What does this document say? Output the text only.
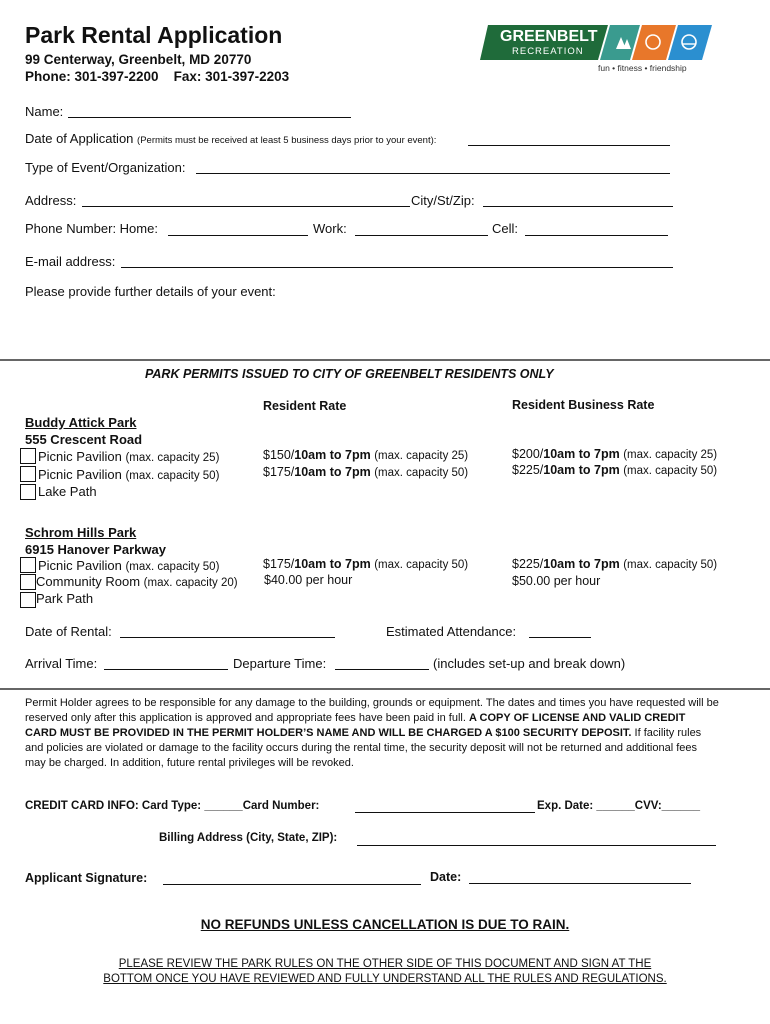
Park Rental Application
99 Centerway, Greenbelt, MD 20770
Phone: 301-397-2200 Fax: 301-397-2203
GREENBELT
RECREATION
fun • fitness • friendship
Name:
Date of Application (Permits must be received at least 5 business days prior to your event):
Type of Event/Organization:
Address:	City/St/Zip:
Phone Number: Home:	Work:	Cell:
E-mail address:
Please provide further details of your event:
PARK PERMITS ISSUED TO CITY OF GREENBELT RESIDENTS ONLY
Resident Rate	Resident Business Rate
Buddy Attick Park
555 Crescent Road
Picnic Pavilion (max. capacity 25)	$150/10am to 7pm (max. capacity 25)	$200/10am to 7pm (max. capacity 25)
Picnic Pavilion (max. capacity 50)	$175/10am to 7pm (max. capacity 50)	$225/10am to 7pm (max. capacity 50)
Lake Path
Schrom Hills Park
6915 Hanover Parkway
Picnic Pavilion (max. capacity 50)	$175/10am to 7pm (max. capacity 50)	$225/10am to 7pm (max. capacity 50)
Community Room (max. capacity 20) $40.00 per hour	$50.00 per hour
Park Path
Date of Rental:	Estimated Attendance:
Arrival Time:	Departure Time:	(includes set-up and break down)
Permit Holder agrees to be responsible for any damage to the building, grounds or equipment. The dates and times you have requested will be reserved only after this application is approved and appropriate fees have been paid in full. A COPY OF LICENSE AND VALID CREDIT CARD MUST BE PROVIDED IN THE PERMIT HOLDER’S NAME AND WILL BE CHARGED A $100 SECURITY DEPOSIT. If facility rules and policies are violated or damage to the facility occurs during the rental time, the security deposit will not be returned and additional fees may be charged. In addition, future rental privileges will be revoked.
CREDIT CARD INFO: Card Type: ______Card Number:	Exp. Date: ______CVV:______
Billing Address (City, State, ZIP):
Applicant Signature:	Date:
NO REFUNDS UNLESS CANCELLATION IS DUE TO RAIN.
PLEASE REVIEW THE PARK RULES ON THE OTHER SIDE OF THIS DOCUMENT AND SIGN AT THE
BOTTOM ONCE YOU HAVE REVIEWED AND FULLY UNDERSTAND ALL THE RULES AND REGULATIONS.
